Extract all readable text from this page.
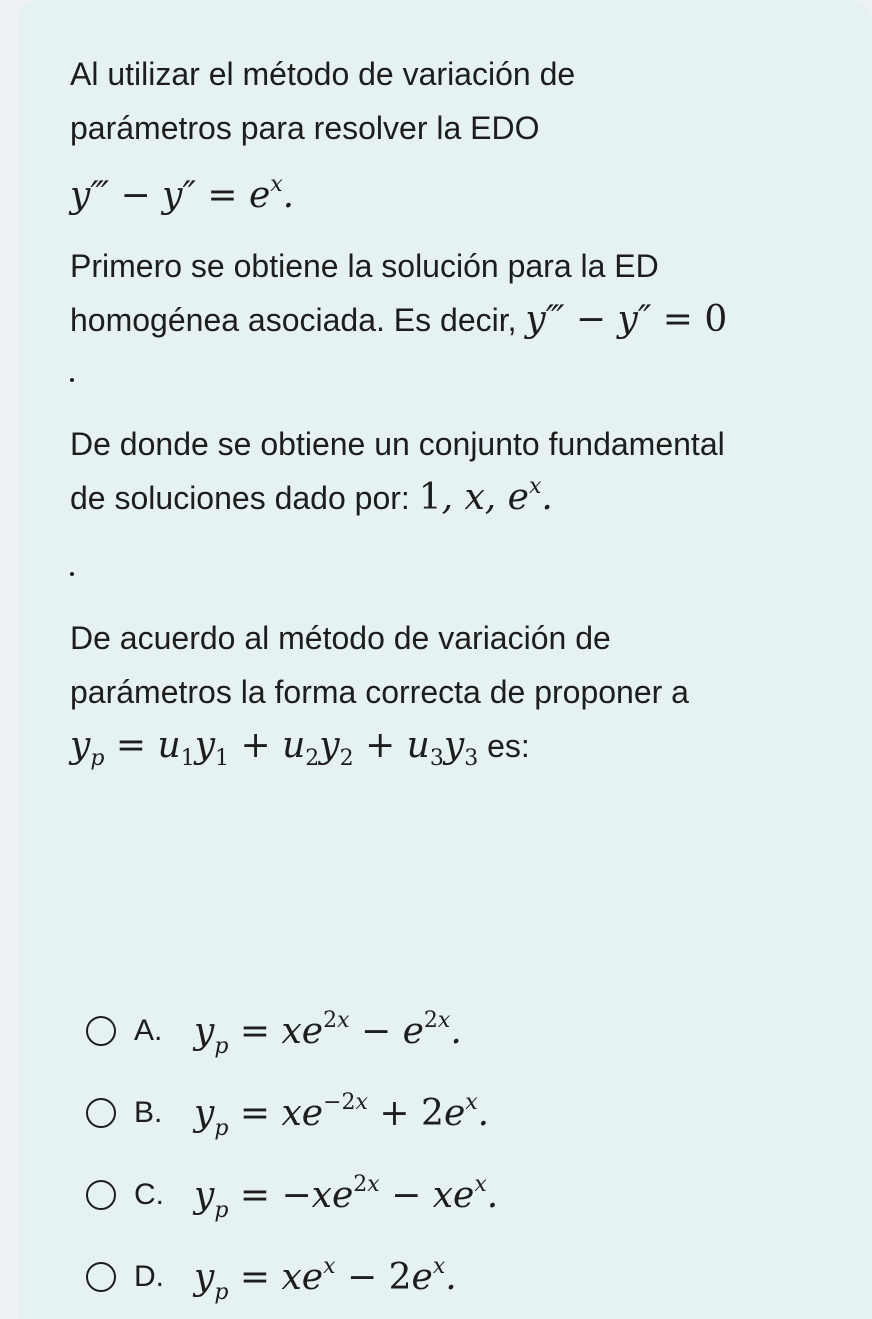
Al utilizar el método de variación de
parámetros para resolver la EDO
y‴ − $y'' = e^x$.
Primero se obtiene la solución para la ED
homogénea asociada. Es decir, y‴ − y″ = 0
De donde se obtiene un conjunto fundamental
de soluciones dado por: 1, x, $e^x$.
De acuerdo al método de variación de
parámetros la forma correcta de proponer a
$y_p = u_1y_1 + u_2y_2 + u_3y_3$ es:
A. $y_p = xe^{2x} - e^{2x}$.
B. $y_p = xe^{-2x} + 2e^x$.
C. $y_p = -xe^{2x} - xe^x$.
D. $y_p = xe^x - 2e^x$.
